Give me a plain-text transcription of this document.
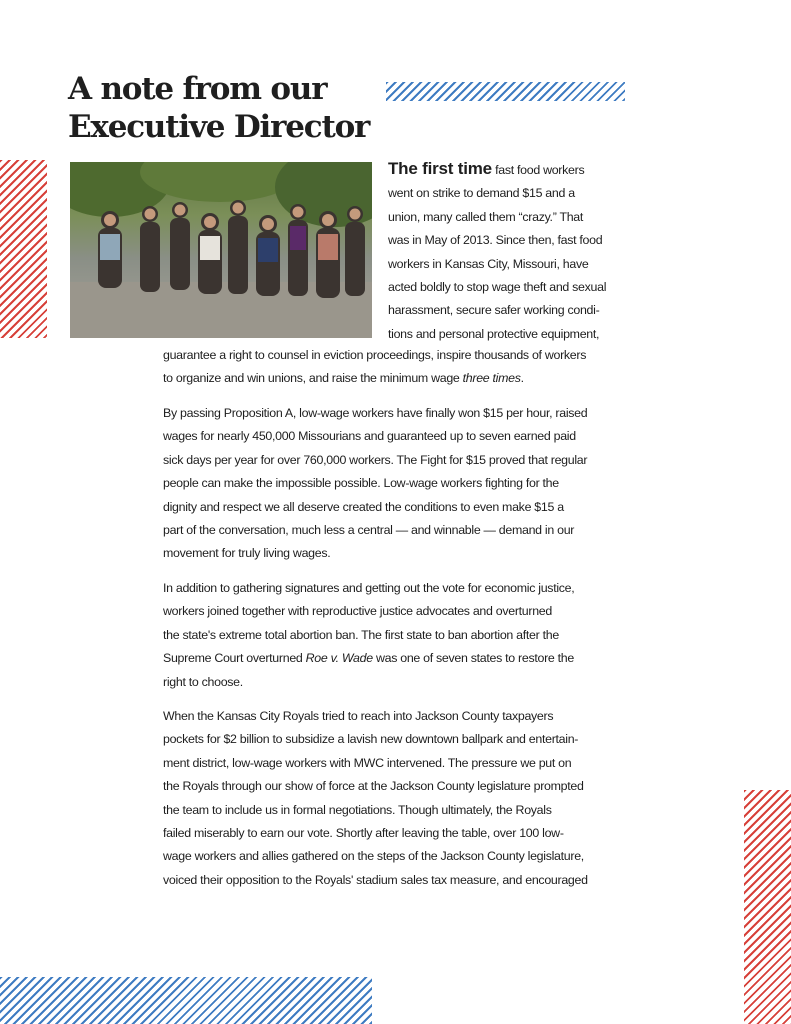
A note from our
Executive Director
The first time fast food workers
went on strike to demand $15 and a
union, many called them “crazy.” That
was in May of 2013. Since then, fast food
workers in Kansas City, Missouri, have
acted boldly to stop wage theft and sexual
harassment, secure safer working condi-
tions and personal protective equipment,
guarantee a right to counsel in eviction proceedings, inspire thousands of workers
to organize and win unions, and raise the minimum wage three times.

By passing Proposition A, low-wage workers have finally won $15 per hour, raised
wages for nearly 450,000 Missourians and guaranteed up to seven earned paid
sick days per year for over 760,000 workers. The Fight for $15 proved that regular
people can make the impossible possible. Low-wage workers fighting for the
dignity and respect we all deserve created the conditions to even make $15 a
part of the conversation, much less a central — and winnable — demand in our
movement for truly living wages.

In addition to gathering signatures and getting out the vote for economic justice,
workers joined together with reproductive justice advocates and overturned
the state's extreme total abortion ban. The first state to ban abortion after the
Supreme Court overturned Roe v. Wade was one of seven states to restore the
right to choose.

When the Kansas City Royals tried to reach into Jackson County taxpayers
pockets for $2 billion to subsidize a lavish new downtown ballpark and entertain-
ment district, low-wage workers with MWC intervened. The pressure we put on
the Royals through our show of force at the Jackson County legislature prompted
the team to include us in formal negotiations. Though ultimately, the Royals
failed miserably to earn our vote. Shortly after leaving the table, over 100 low-
wage workers and allies gathered on the steps of the Jackson County legislature,
voiced their opposition to the Royals' stadium sales tax measure, and encouraged
